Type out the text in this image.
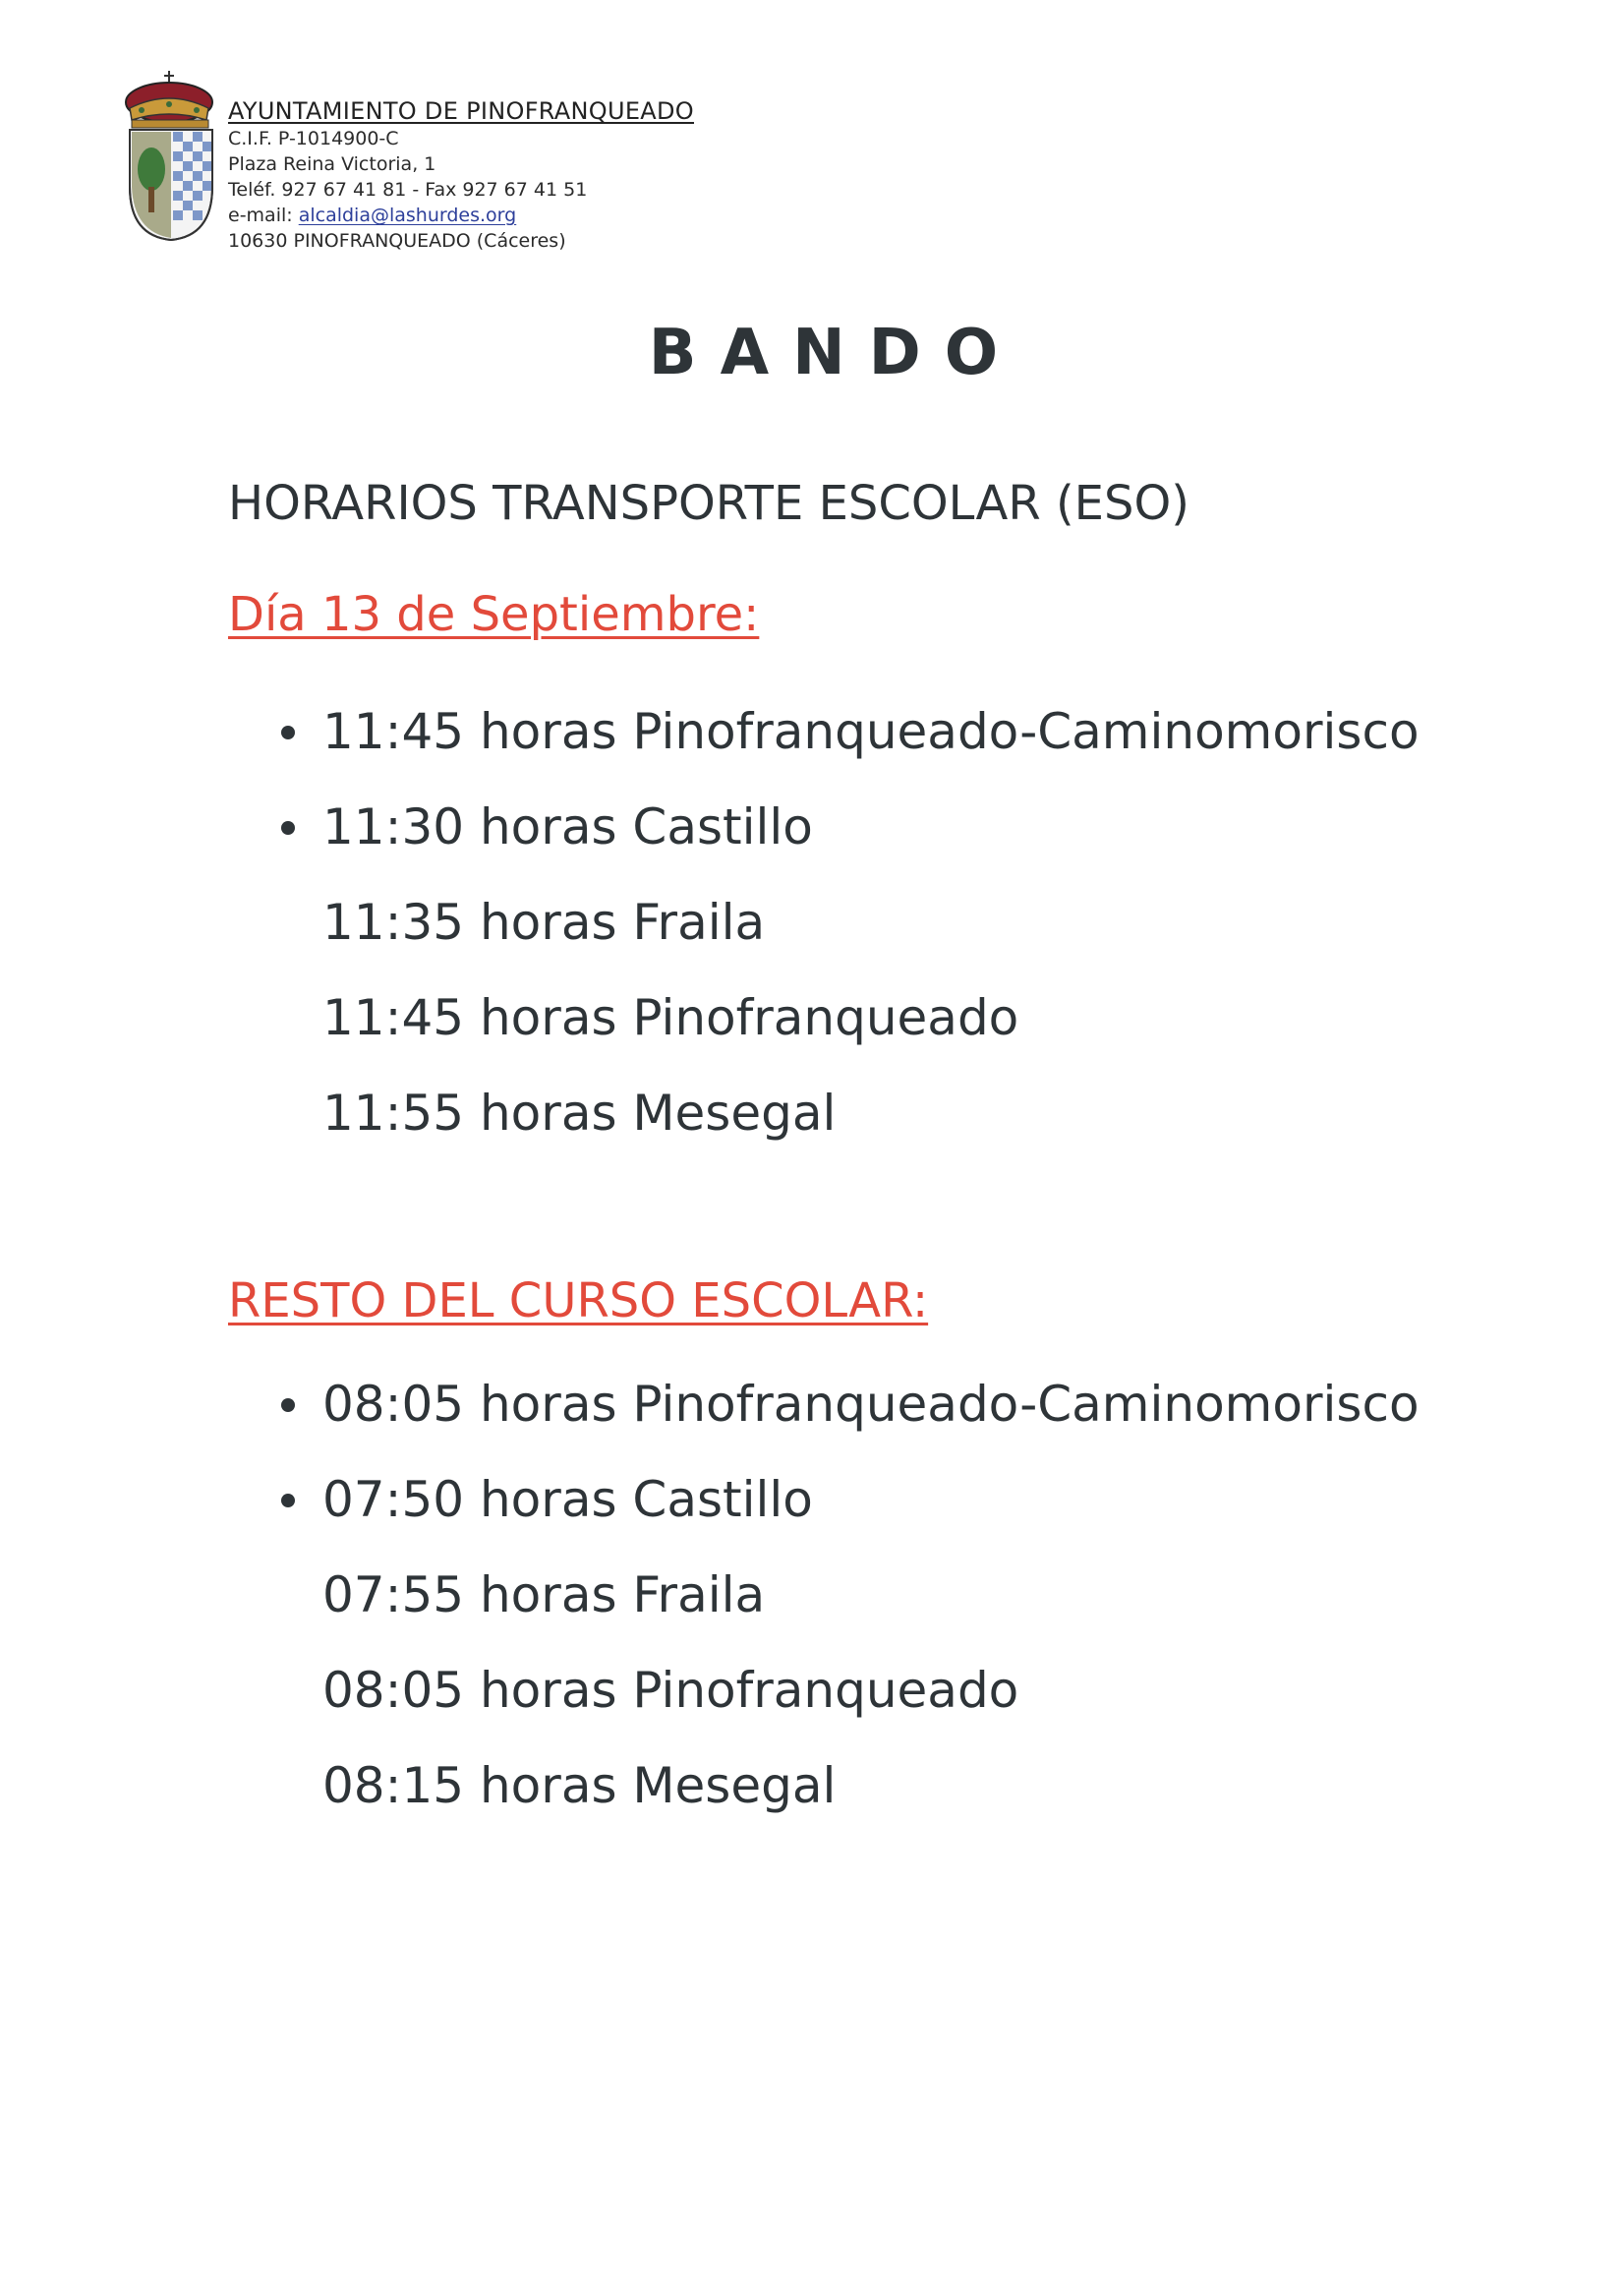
AYUNTAMIENTO DE PINOFRANQUEADO
C.I.F. P-1014900-C
Plaza Reina Victoria, 1
Teléf. 927 67 41 81 - Fax 927 67 41 51
e-mail: alcaldia@lashurdes.org
10630 PINOFRANQUEADO (Cáceres)
BANDO
HORARIOS TRANSPORTE ESCOLAR (ESO)
Día 13 de Septiembre:
11:45 horas Pinofranqueado-Caminomorisco
11:30 horas Castillo
11:35 horas Fraila
11:45 horas Pinofranqueado
11:55 horas Mesegal
RESTO DEL CURSO ESCOLAR:
08:05 horas Pinofranqueado-Caminomorisco
07:50 horas Castillo
07:55 horas Fraila
08:05 horas Pinofranqueado
08:15 horas Mesegal
